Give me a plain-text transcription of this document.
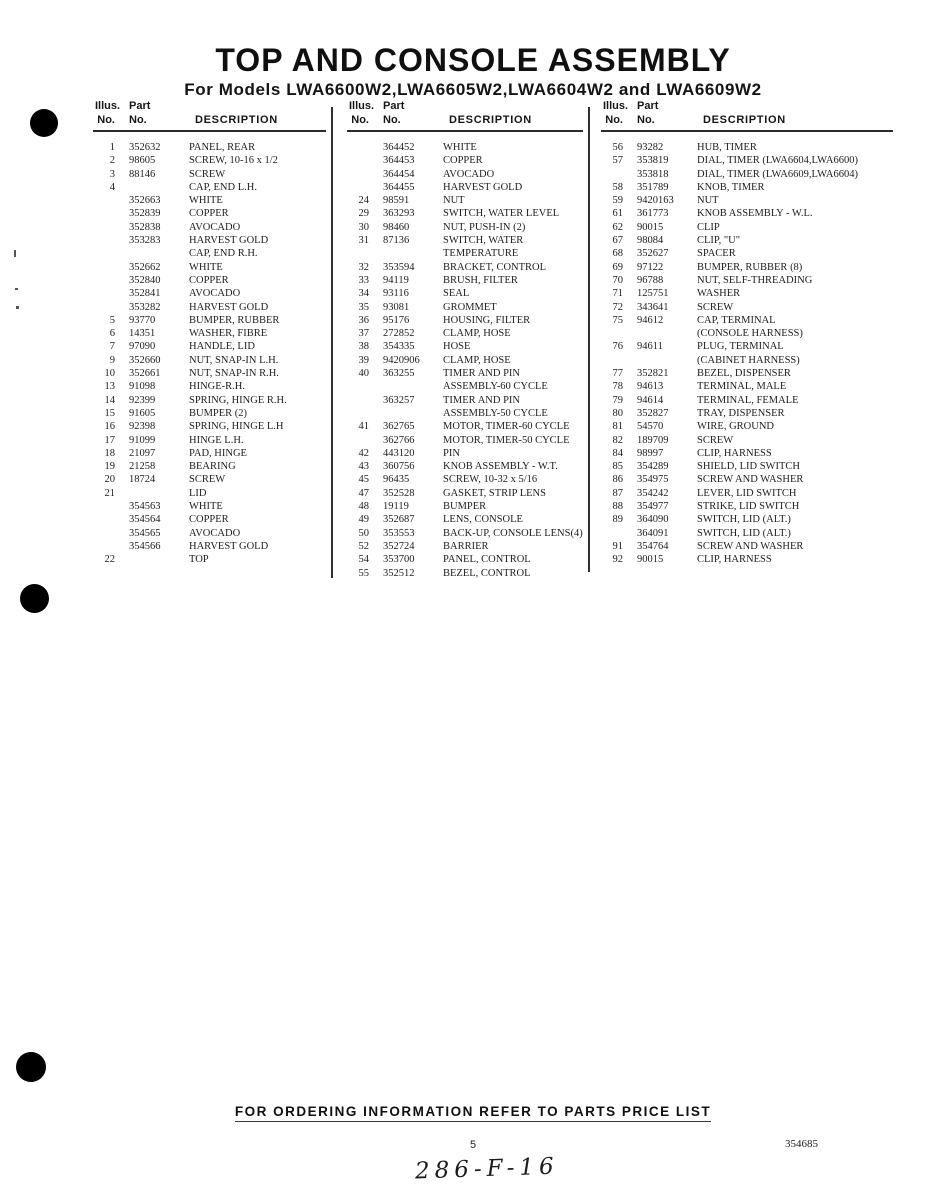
TOP AND CONSOLE ASSEMBLY
For Models LWA6600W2,LWA6605W2,LWA6604W2 and LWA6609W2
Illus. Part
No. No.	DESCRIPTION
1 352632	PANEL, REAR
2 98605	SCREW, 10-16 x 1/2
3 88146	SCREW
4	CAP, END L.H.
352663	WHITE
352839	COPPER
352838	AVOCADO
353283	HARVEST GOLD
CAP, END R.H.
352662	WHITE
352840	COPPER
352841	AVOCADO
353282	HARVEST GOLD
5 93770	BUMPER, RUBBER
6 14351	WASHER, FIBRE
7 97090	HANDLE, LID
9 352660	NUT, SNAP-IN L.H.
10 352661	NUT, SNAP-IN R.H.
13 91098	HINGE-R.H.
14 92399	SPRING, HINGE R.H.
15 91605	BUMPER (2)
16 92398	SPRING, HINGE L.H
17 91099	HINGE L.H.
18 21097	PAD, HINGE
19 21258	BEARING
20 18724	SCREW
21	LID
354563	WHITE
354564	COPPER
354565	AVOCADO
354566	HARVEST GOLD
22	TOP
Illus. Part
No. No.	DESCRIPTION
364452	WHITE
364453	COPPER
364454	AVOCADO
364455	HARVEST GOLD
24 98591	NUT
29 363293	SWITCH, WATER LEVEL
30 98460	NUT, PUSH-IN (2)
31 87136	SWITCH, WATER
TEMPERATURE
32 353594	BRACKET, CONTROL
33 94119	BRUSH, FILTER
34 93116	SEAL
35 93081	GROMMET
36 95176	HOUSING, FILTER
37 272852	CLAMP, HOSE
38 354335	HOSE
39 9420906	CLAMP, HOSE
40 363255	TIMER AND PIN
ASSEMBLY-60 CYCLE
363257	TIMER AND PIN
ASSEMBLY-50 CYCLE
41 362765	MOTOR, TIMER-60 CYCLE
362766	MOTOR, TIMER-50 CYCLE
42 443120	PIN
43 360756	KNOB ASSEMBLY - W.T.
45 96435	SCREW, 10-32 x 5/16
47 352528	GASKET, STRIP LENS
48 19119	BUMPER
49 352687	LENS, CONSOLE
50 353553	BACK-UP, CONSOLE LENS(4)
52 352724	BARRIER
54 353700	PANEL, CONTROL
55 352512	BEZEL, CONTROL
Illus. Part
No. No.	DESCRIPTION
56 93282	HUB, TIMER
57 353819	DIAL, TIMER (LWA6604,LWA6600)
353818	DIAL, TIMER (LWA6609,LWA6604)
58 351789	KNOB, TIMER
59 9420163	NUT
61 361773	KNOB ASSEMBLY - W.L.
62 90015	CLIP
67 98084	CLIP, "U"
68 352627	SPACER
69 97122	BUMPER, RUBBER (8)
70 96788	NUT, SELF-THREADING
71 125751	WASHER
72 343641	SCREW
75 94612	CAP, TERMINAL
(CONSOLE HARNESS)
76 94611	PLUG, TERMINAL
(CABINET HARNESS)
77 352821	BEZEL, DISPENSER
78 94613	TERMINAL, MALE
79 94614	TERMINAL, FEMALE
80 352827	TRAY, DISPENSER
81 54570	WIRE, GROUND
82 189709	SCREW
84 98997	CLIP, HARNESS
85 354289	SHIELD, LID SWITCH
86 354975	SCREW AND WASHER
87 354242	LEVER, LID SWITCH
88 354977	STRIKE, LID SWITCH
89 364090	SWITCH, LID (ALT.)
364091	SWITCH, LID (ALT.)
91 354764	SCREW AND WASHER
92 90015	CLIP, HARNESS
FOR ORDERING INFORMATION REFER TO PARTS PRICE LIST
5	354685
286-F-16
